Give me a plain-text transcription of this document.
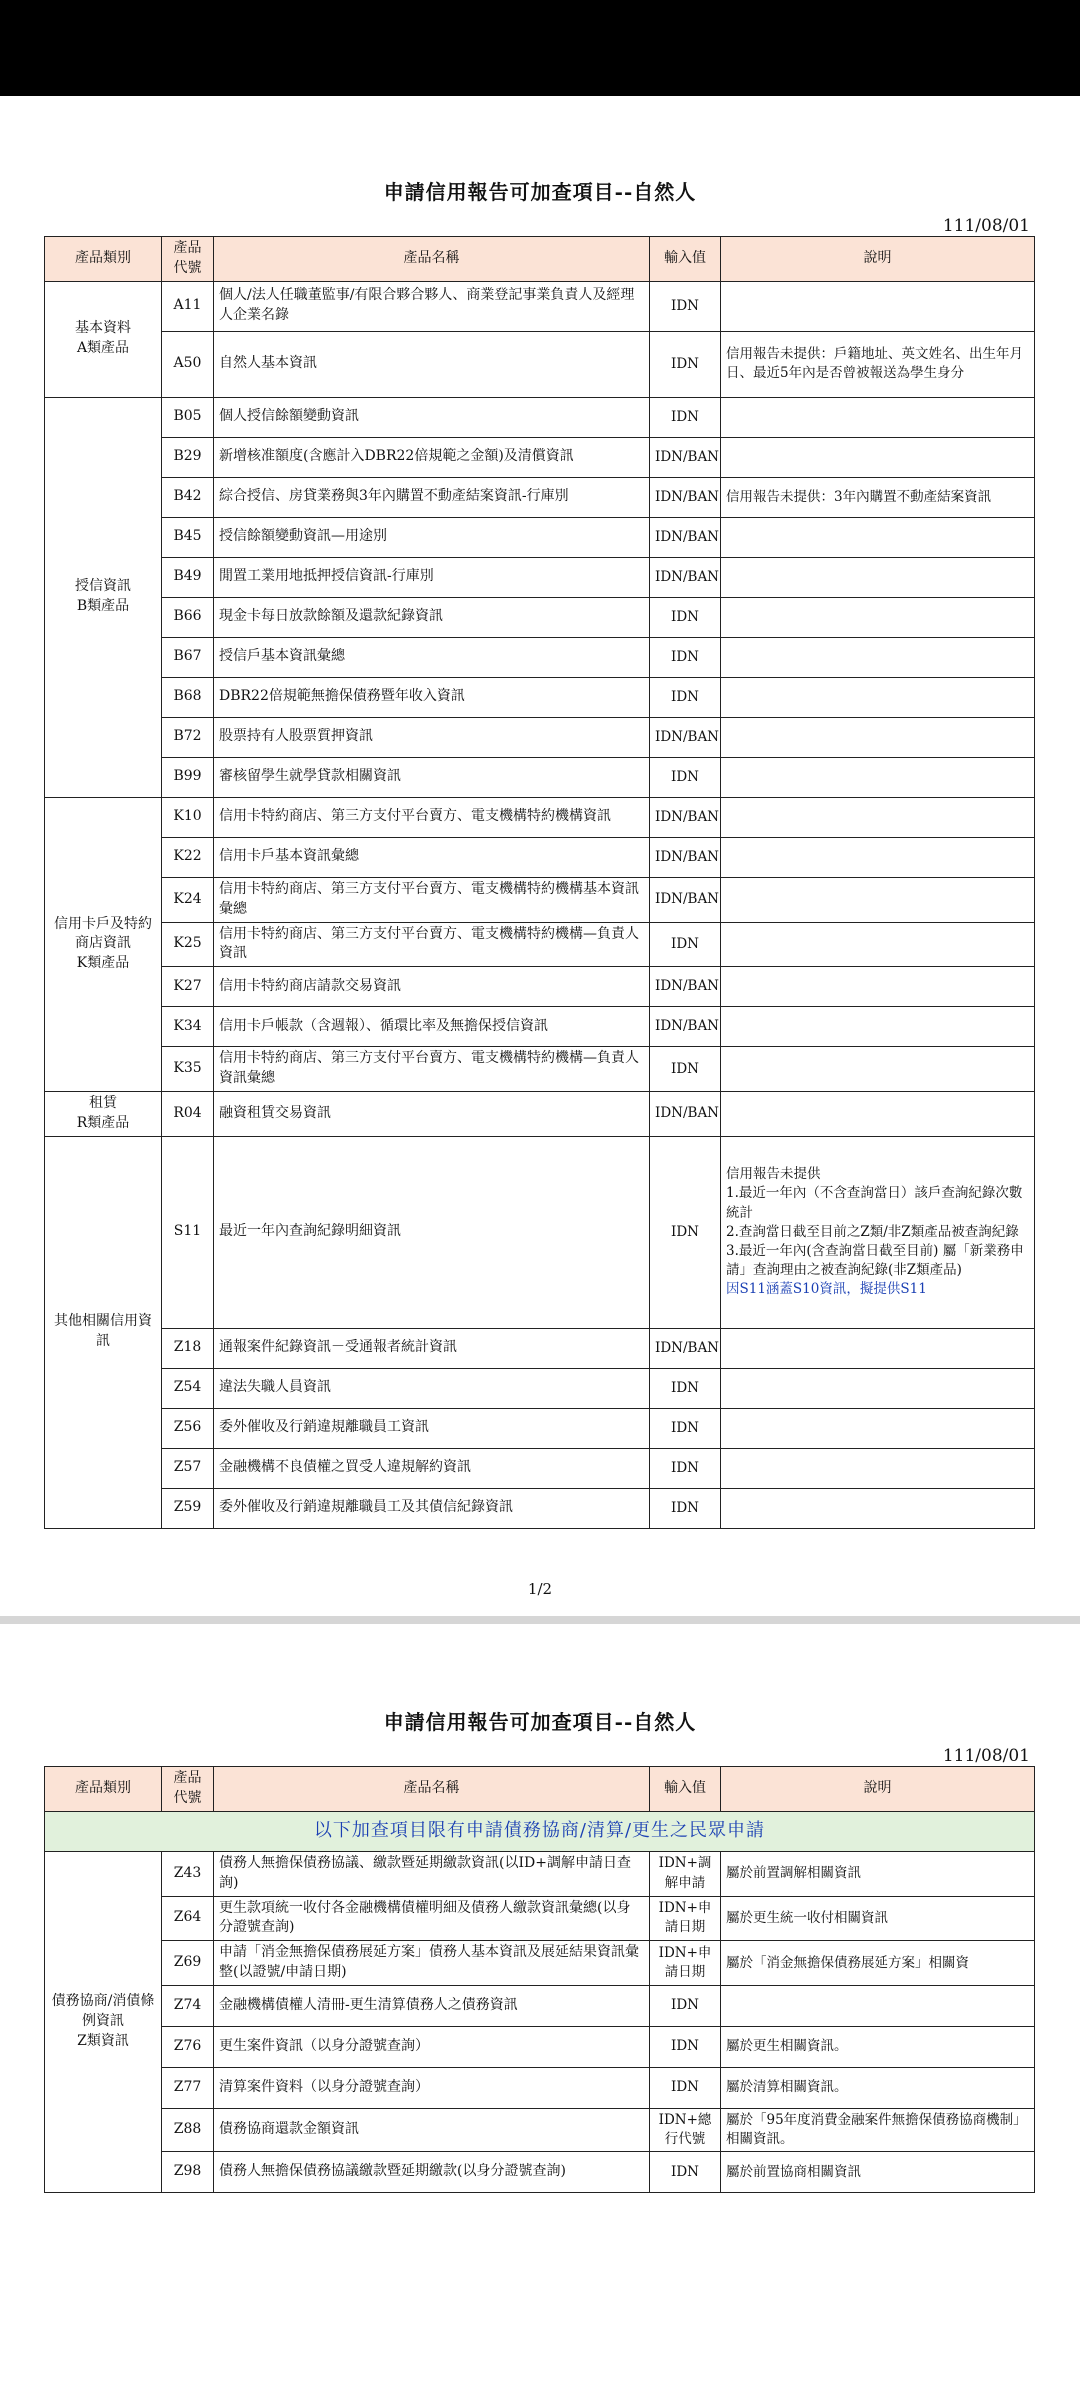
申請信用報告可加查項目--自然人
111/08/01
產品類別	產品代號	產品名稱	輸入值	說明
基本資料
A類產品	A11	個人/法人任職董監事/有限合夥合夥人、商業登記事業負責人及經理人企業名錄	IDN	

	A50	自然人基本資訊	IDN	信用報告未提供：戶籍地址、英文姓名、出生年月日、最近5年內是否曾被報送為學生身分

授信資訊
B類產品	B05	個人授信餘額變動資訊	IDN	

	B29	新增核准額度(含應計入DBR22倍規範之金額)及清償資訊	IDN/BAN	

	B42	綜合授信、房貸業務與3年內購置不動產結案資訊-行庫別	IDN/BAN	信用報告未提供：3年內購置不動產結案資訊

	B45	授信餘額變動資訊—用途別	IDN/BAN	

	B49	閒置工業用地抵押授信資訊-行庫別	IDN/BAN	

	B66	現金卡每日放款餘額及還款紀錄資訊	IDN	

	B67	授信戶基本資訊彙總	IDN	

	B68	DBR22倍規範無擔保債務暨年收入資訊	IDN	

	B72	股票持有人股票質押資訊	IDN/BAN	

	B99	審核留學生就學貸款相關資訊	IDN	

信用卡戶及特約商店資訊
K類產品	K10	信用卡特約商店、第三方支付平台賣方、電支機構特約機構資訊	IDN/BAN	

	K22	信用卡戶基本資訊彙總	IDN/BAN	

	K24	信用卡特約商店、第三方支付平台賣方、電支機構特約機構基本資訊彙總	IDN/BAN	

	K25	信用卡特約商店、第三方支付平台賣方、電支機構特約機構—負責人資訊	IDN	

	K27	信用卡特約商店請款交易資訊	IDN/BAN	

	K34	信用卡戶帳款（含週報）、循環比率及無擔保授信資訊	IDN/BAN	

	K35	信用卡特約商店、第三方支付平台賣方、電支機構特約機構—負責人資訊彙總	IDN	

租賃
R類產品	R04	融資租賃交易資訊	IDN/BAN	

其他相關信用資訊	S11	最近一年內查詢紀錄明細資訊	IDN	信用報告未提供
1.最近一年內（不含查詢當日）該戶查詢紀錄次數統計
2.查詢當日截至目前之Z類/非Z類產品被查詢紀錄
3.最近一年內(含查詢當日截至目前) 屬「新業務申請」查詢理由之被查詢紀錄(非Z類產品)
因S11涵蓋S10資訊，擬提供S11

	Z18	通報案件紀錄資訊－受通報者統計資訊	IDN/BAN	

	Z54	違法失職人員資訊	IDN	

	Z56	委外催收及行銷違規離職員工資訊	IDN	

	Z57	金融機構不良債權之買受人違規解約資訊	IDN	

	Z59	委外催收及行銷違規離職員工及其債信紀錄資訊	IDN	
1/2
申請信用報告可加查項目--自然人
111/08/01
產品類別	產品代號	產品名稱	輸入值	說明
以下加查項目限有申請債務協商/清算/更生之民眾申請				
債務協商/消債條例資訊
Z類資訊	Z43	債務人無擔保債務協議、繳款暨延期繳款資訊(以ID+調解申請日查詢)	IDN+調解申請	屬於前置調解相關資訊

	Z64	更生款項統一收付各金融機構債權明細及債務人繳款資訊彙總(以身分證號查詢)	IDN+申請日期	屬於更生統一收付相關資訊

	Z69	申請「消金無擔保債務展延方案」債務人基本資訊及展延結果資訊彙整(以證號/申請日期)	IDN+申請日期	屬於「消金無擔保債務展延方案」相關資

	Z74	金融機構債權人清冊-更生清算債務人之債務資訊	IDN	

	Z76	更生案件資訊（以身分證號查詢）	IDN	屬於更生相關資訊。

	Z77	清算案件資料（以身分證號查詢）	IDN	屬於清算相關資訊。

	Z88	債務協商還款金額資訊	IDN+總行代號	屬於「95年度消費金融案件無擔保債務協商機制」相關資訊。

	Z98	債務人無擔保債務協議繳款暨延期繳款(以身分證號查詢)	IDN	屬於前置協商相關資訊
